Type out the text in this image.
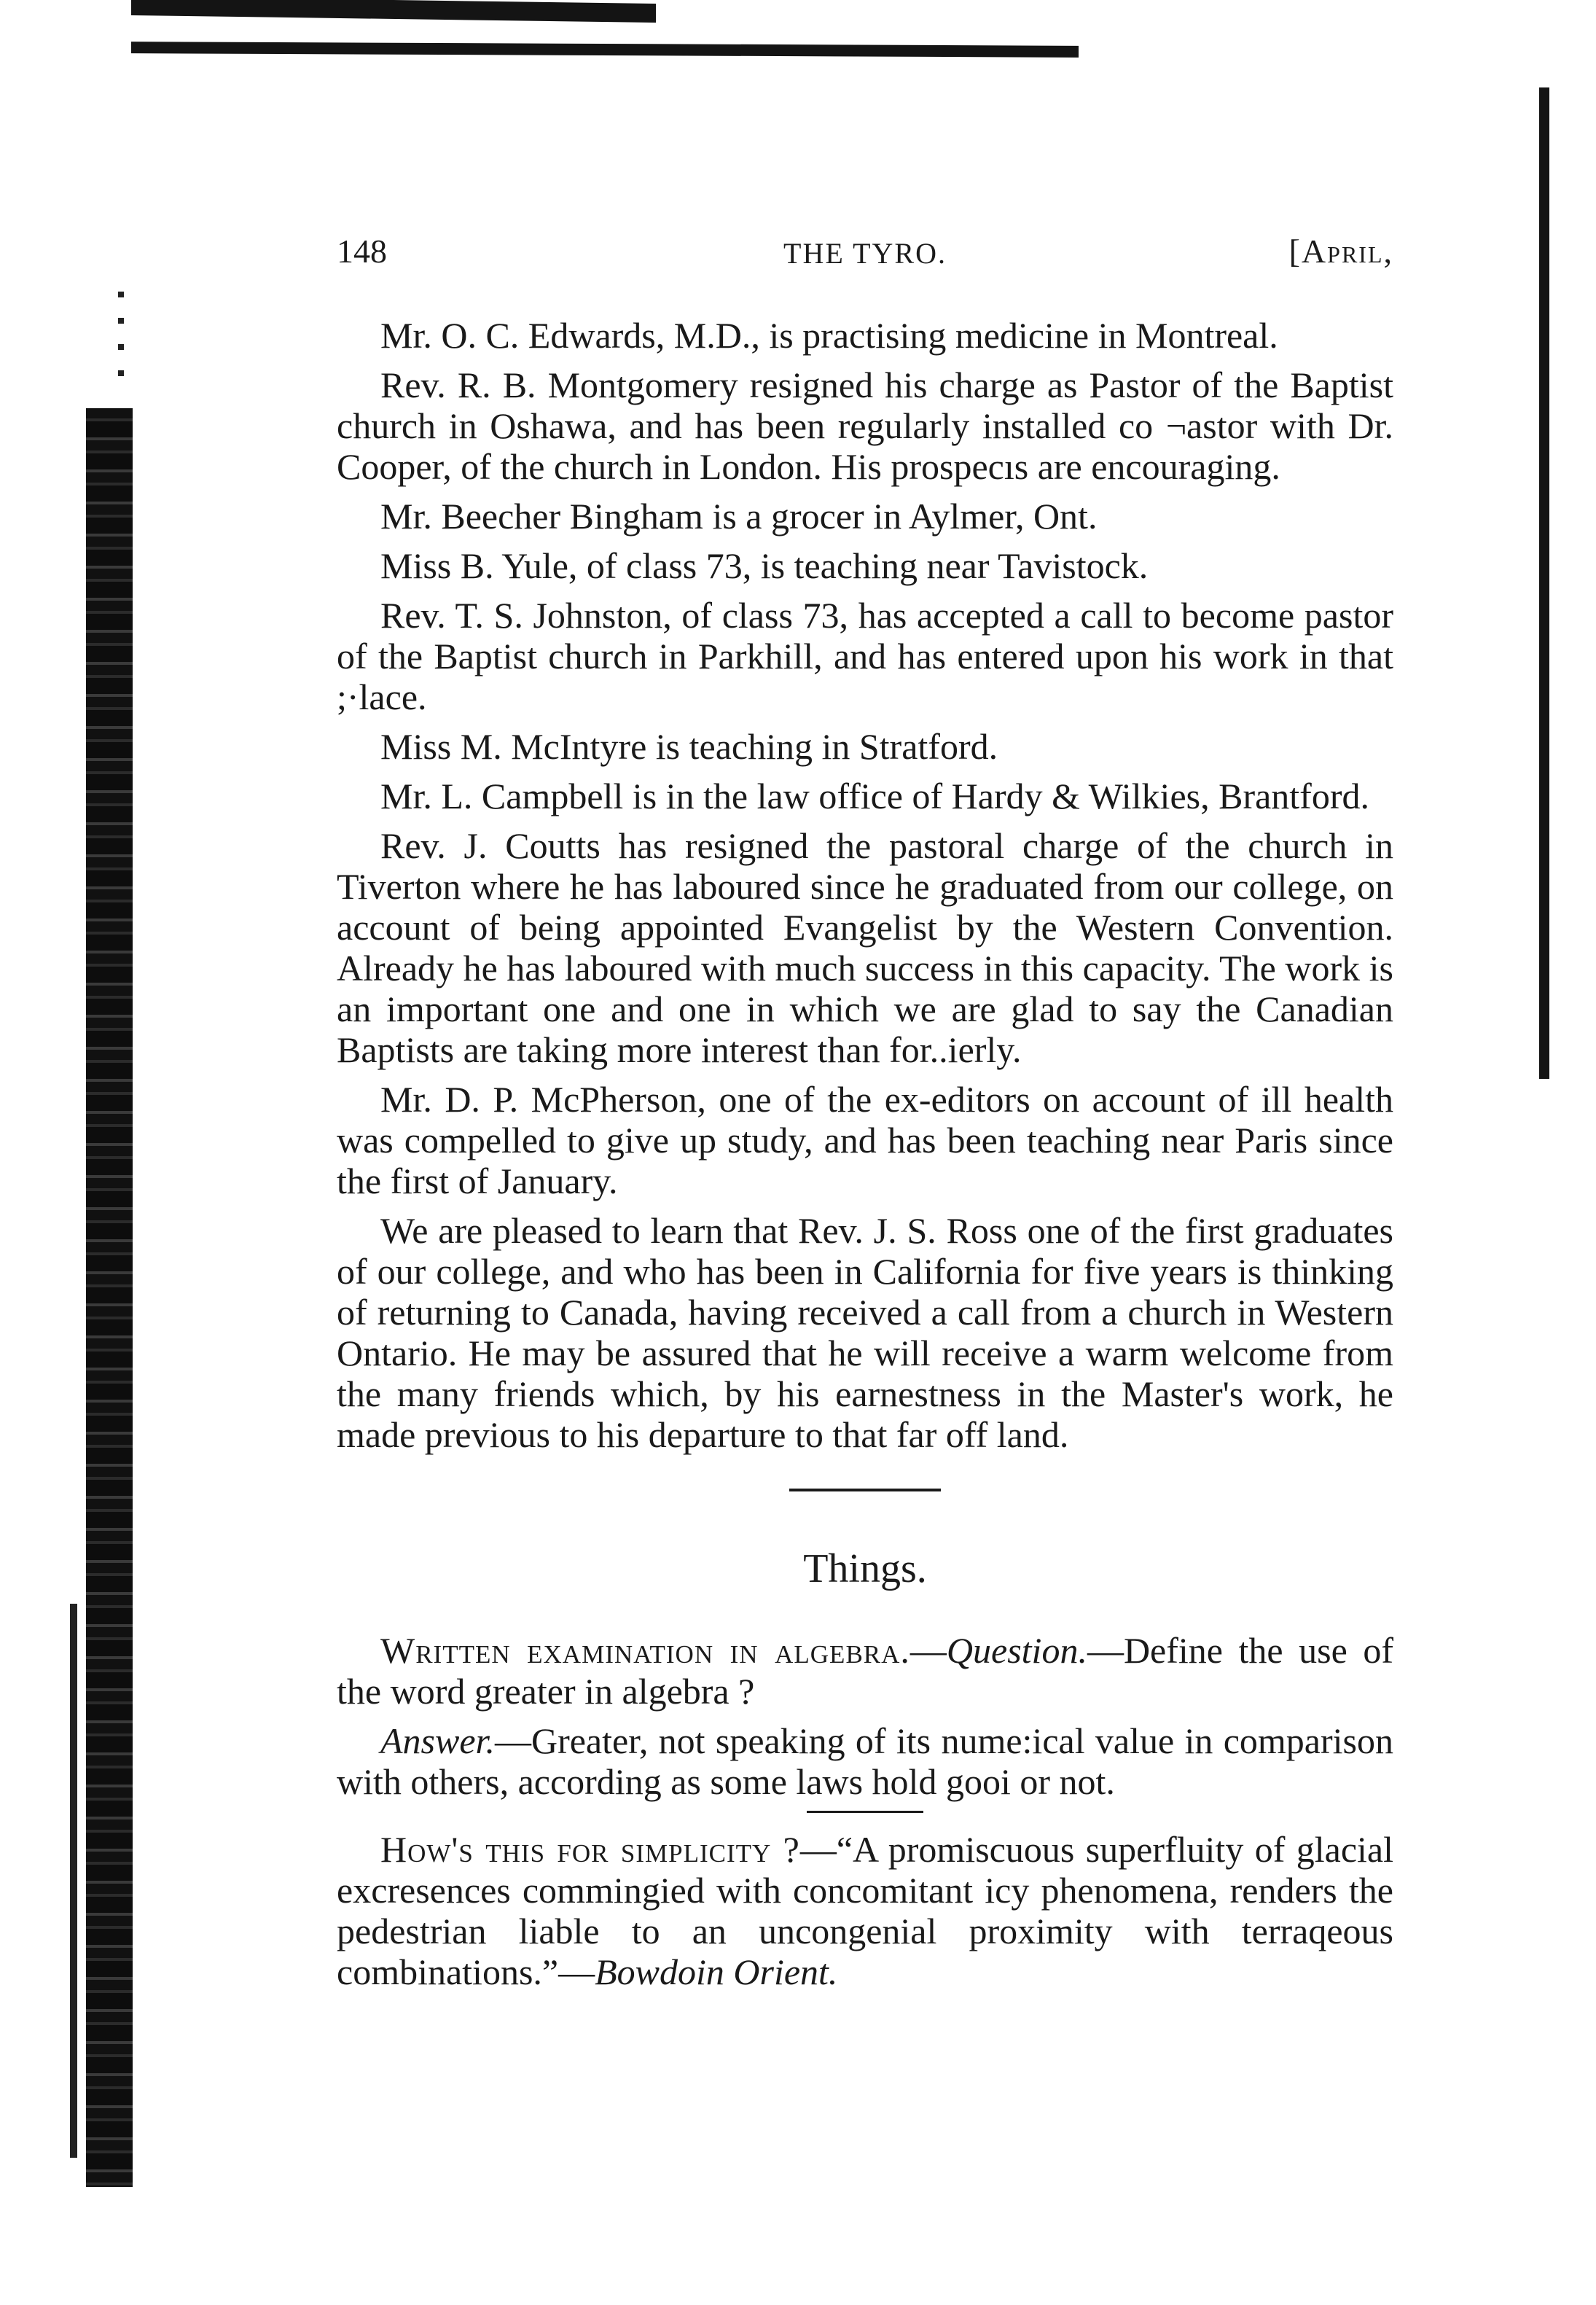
148	THE TYRO.	[April,

Mr. O. C. Edwards, M.D., is practising medicine in Montreal.

Rev. R. B. Montgomery resigned his charge as Pastor of the Baptist church in Oshawa, and has been regularly installed co ¬astor with Dr. Cooper, of the church in London. His prospecıs are encouraging.

Mr. Beecher Bingham is a grocer in Aylmer, Ont.

Miss B. Yule, of class 73, is teaching near Tavistock.

Rev. T. S. Johnston, of class 73, has accepted a call to become pastor of the Baptist church in Parkhill, and has entered upon his work in that ;·lace.

Miss M. McIntyre is teaching in Stratford.

Mr. L. Campbell is in the law office of Hardy & Wilkies, Brantford.

Rev. J. Coutts has resigned the pastoral charge of the church in Tiverton where he has laboured since he graduated from our college, on account of being appointed Evangelist by the Western Convention. Already he has laboured with much success in this capacity. The work is an important one and one in which we are glad to say the Canadian Baptists are taking more interest than for..ierly.

Mr. D. P. McPherson, one of the ex-editors on account of ill health was compelled to give up study, and has been teaching near Paris since the first of January.

We are pleased to learn that Rev. J. S. Ross one of the first graduates of our college, and who has been in California for five years is thinking of returning to Canada, having received a call from a church in Western Ontario. He may be assured that he will receive a warm welcome from the many friends which, by his earnestness in the Master's work, he made previous to his departure to that far off land.

Things.

Written examination in algebra.—Question.—Define the use of the word greater in algebra ?

Answer.—Greater, not speaking of its nume:ical value in comparison with others, according as some laws hold gooi or not.

How's this for simplicity ?—“A promiscuous superfluity of glacial excresences commingied with concomitant icy phenomena, renders the pedestrian liable to an uncongenial proximity with terraqeous combinations.”—Bowdoin Orient.
